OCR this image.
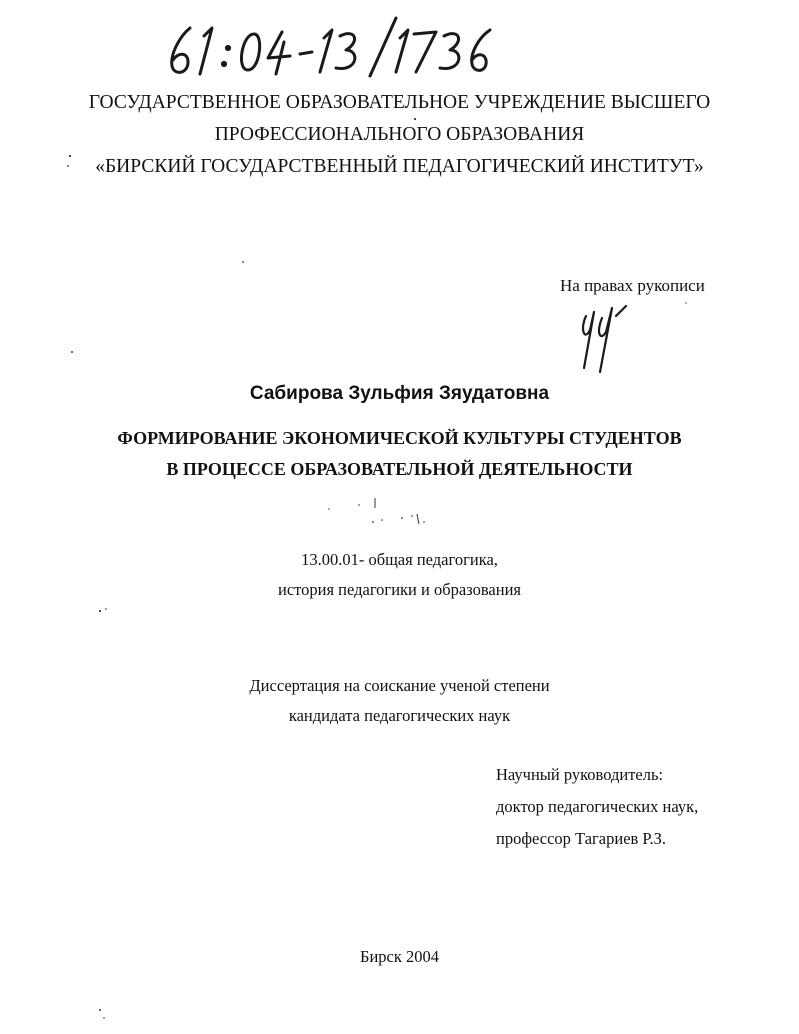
ГОСУДАРСТВЕННОЕ ОБРАЗОВАТЕЛЬНОЕ УЧРЕЖДЕНИЕ ВЫСШЕГО
ПРОФЕССИОНАЛЬНОГО ОБРАЗОВАНИЯ
«БИРСКИЙ ГОСУДАРСТВЕННЫЙ ПЕДАГОГИЧЕСКИЙ ИНСТИТУТ»
На правах рукописи
Сабирова Зульфия Зяудатовна
ФОРМИРОВАНИЕ ЭКОНОМИЧЕСКОЙ КУЛЬТУРЫ СТУДЕНТОВ
В ПРОЦЕССЕ ОБРАЗОВАТЕЛЬНОЙ ДЕЯТЕЛЬНОСТИ
13.00.01- общая педагогика,
история педагогики и образования
Диссертация на соискание ученой степени
кандидата педагогических наук
Научный руководитель:
доктор педагогических наук,
профессор Тагариев Р.З.
Бирск 2004
